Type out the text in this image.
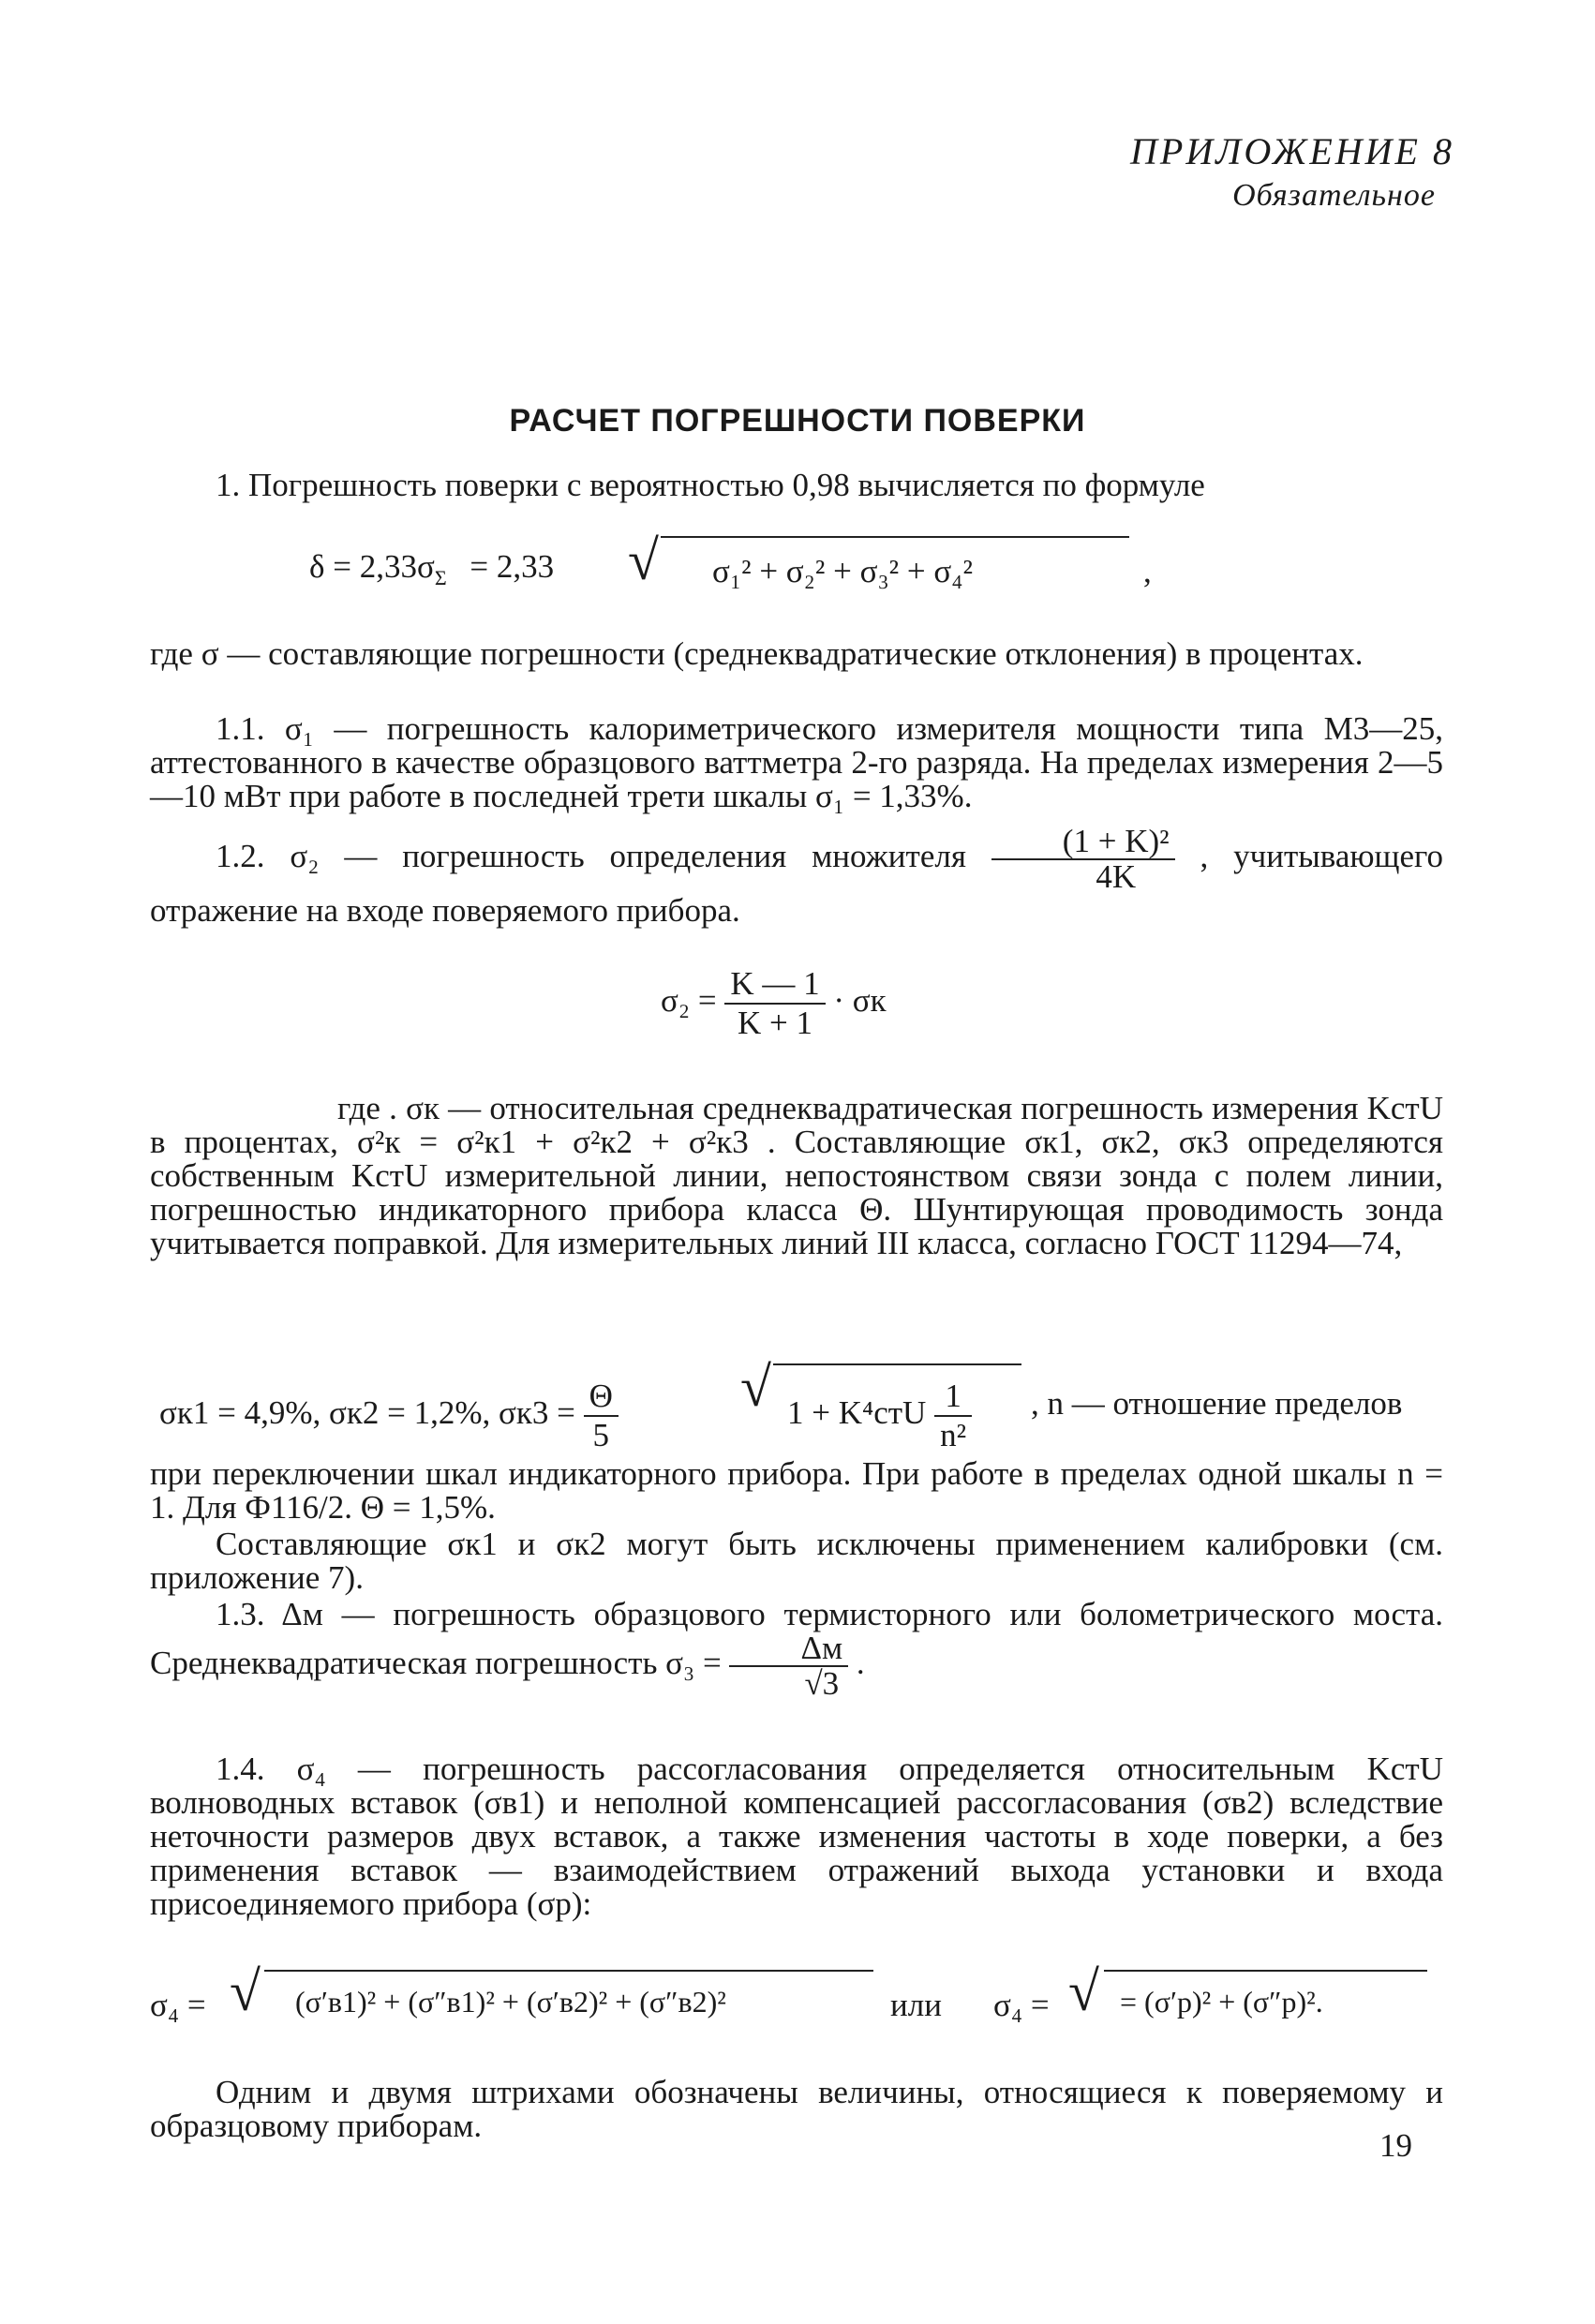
ПРИЛОЖЕНИЕ 8
Обязательное
РАСЧЕТ ПОГРЕШНОСТИ ПОВЕРКИ
1. Погрешность поверки с вероятностью 0,98 вычисляется по формуле
$\delta = 2,33\sigma_\Sigma = 2,33$ √ σ₁² + σ₂² + σ₃² + σ₄²	,
где σ — составляющие погрешности (среднеквадратические отклонения) в процентах.
1.1. σ₁ — погрешность калориметрического измерителя мощности типа М3—25, аттестованного в качестве образцового ваттметра 2-го разряда. На пределах измерения 2—5—10 мВт при работе в последней трети шкалы σ₁ = 1,33%.
1.2. σ₂ — погрешность определения множителя $\frac{\text{(1 + K)²}}{4K}$ , учитывающего отражение на входе поверяемого прибора.
$\sigma_2 = \frac{K — 1}{K + 1} \cdot \sigma к$
где . σк — относительная среднеквадратическая погрешность измерения KстU в процентах, σ²к = σ²к1 + σ²к2 + σ²к3 . Составляющие σк1, σк2, σк3 определяются собственным KстU измерительной линии, непостоянством связи зонда с полем линии, погрешностью индикаторного прибора класса Θ. Шунтирующая проводимость зонда учитывается поправкой. Для измерительных линий III класса, согласно ГОСТ 11294—74,
σк1 = 4,9%, σк2 = 1,2%, $\sigma к3 = \frac{\Theta}{5}$ √ $1 + K^4стU \frac{1}{\text{n²}}$ , n — отношение пределов
при переключении шкал индикаторного прибора. При работе в пределах одной шкалы n = 1. Для Ф116/2. Θ = 1,5%.
Составляющие σк1 и σк2 могут быть исключены применением калибровки (см. приложение 7).
1.3. Δм — погрешность образцового термисторного или болометрического моста. Среднеквадратическая погрешность $\sigma_3 = \frac{\Delta м}{√3}$ .
1.4. σ₄ — погрешность рассогласования определяется относительным KстU волноводных вставок (σв1) и неполной компенсацией рассогласования (σв2) вследствие неточности размеров двух вставок, а также изменения частоты в ходе поверки, а без применения вставок — взаимодействием отражений выхода установки и входа присоединяемого прибора (σр):
σ₄ = √ (σ′в1)² + (σ″в1)² + (σ′в2)² + (σ″в2)²	или σ₄ = √ = (σ′р)² + (σ″р)².
Одним и двумя штрихами обозначены величины, относящиеся к поверяемому и образцовому приборам.
19
